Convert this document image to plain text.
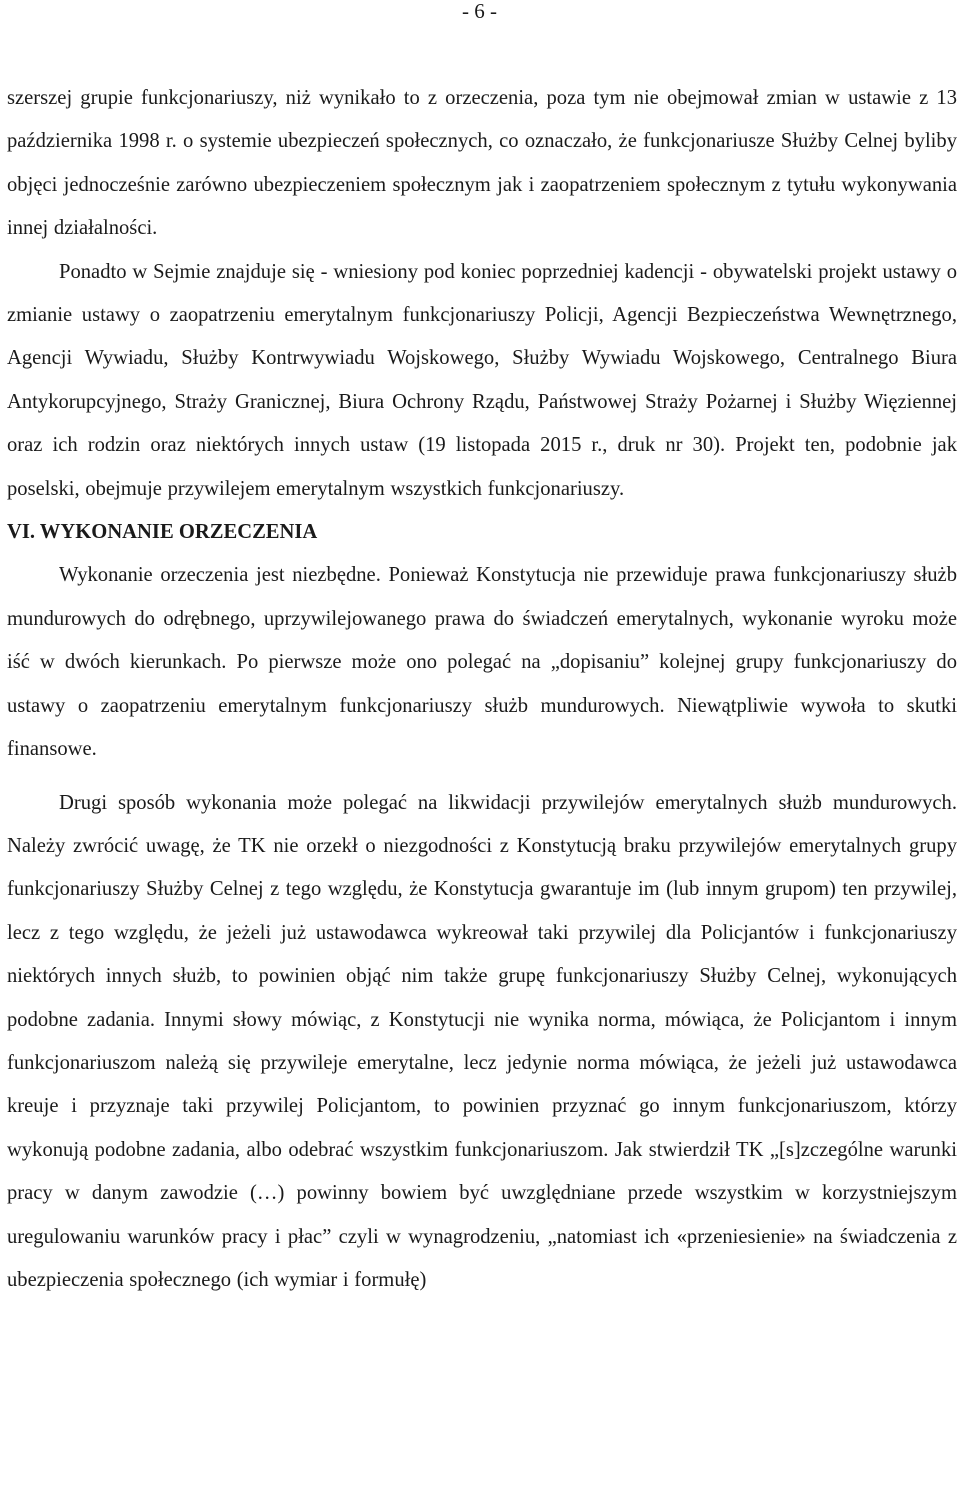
- 6 -

szerszej grupie funkcjonariuszy, niż wynikało to z orzeczenia, poza tym nie obejmował zmian w ustawie z 13 października 1998 r. o systemie ubezpieczeń społecznych, co oznaczało, że funkcjonariusze Służby Celnej byliby objęci jednocześnie zarówno ubezpieczeniem społecznym jak i zaopatrzeniem społecznym z tytułu wykonywania innej działalności.

Ponadto w Sejmie znajduje się - wniesiony pod koniec poprzedniej kadencji - obywatelski projekt ustawy o zmianie ustawy o zaopatrzeniu emerytalnym funkcjonariuszy Policji, Agencji Bezpieczeństwa Wewnętrznego, Agencji Wywiadu, Służby Kontrwywiadu Wojskowego, Służby Wywiadu Wojskowego, Centralnego Biura Antykorupcyjnego, Straży Granicznej, Biura Ochrony Rządu, Państwowej Straży Pożarnej i Służby Więziennej oraz ich rodzin oraz niektórych innych ustaw (19 listopada 2015 r., druk nr 30). Projekt ten, podobnie jak poselski, obejmuje przywilejem emerytalnym wszystkich funkcjonariuszy.

VI. WYKONANIE ORZECZENIA

Wykonanie orzeczenia jest niezbędne. Ponieważ Konstytucja nie przewiduje prawa funkcjonariuszy służb mundurowych do odrębnego, uprzywilejowanego prawa do świadczeń emerytalnych, wykonanie wyroku może iść w dwóch kierunkach. Po pierwsze może ono polegać na „dopisaniu” kolejnej grupy funkcjonariuszy do ustawy o zaopatrzeniu emerytalnym funkcjonariuszy służb mundurowych. Niewątpliwie wywoła to skutki finansowe.

Drugi sposób wykonania może polegać na likwidacji przywilejów emerytalnych służb mundurowych. Należy zwrócić uwagę, że TK nie orzekł o niezgodności z Konstytucją braku przywilejów emerytalnych grupy funkcjonariuszy Służby Celnej z tego względu, że Konstytucja gwarantuje im (lub innym grupom) ten przywilej, lecz z tego względu, że jeżeli już ustawodawca wykreował taki przywilej dla Policjantów i funkcjonariuszy niektórych innych służb, to powinien objąć nim także grupę funkcjonariuszy Służby Celnej, wykonujących podobne zadania. Innymi słowy mówiąc, z Konstytucji nie wynika norma, mówiąca, że Policjantom i innym funkcjonariuszom należą się przywileje emerytalne, lecz jedynie norma mówiąca, że jeżeli już ustawodawca kreuje i przyznaje taki przywilej Policjantom, to powinien przyznać go innym funkcjonariuszom, którzy wykonują podobne zadania, albo odebrać wszystkim funkcjonariuszom. Jak stwierdził TK „[s]zczególne warunki pracy w danym zawodzie (…) powinny bowiem być uwzględniane przede wszystkim w korzystniejszym uregulowaniu warunków pracy i płac” czyli w wynagrodzeniu, „natomiast ich «przeniesienie» na świadczenia z ubezpieczenia społecznego (ich wymiar i formułę)
